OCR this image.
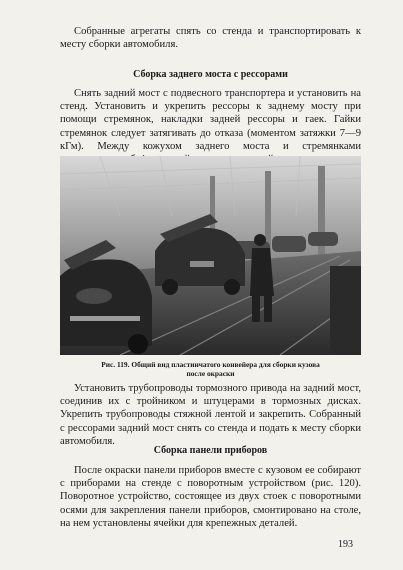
Собранные агрегаты спять со стенда и транспортировать к месту сборки автомобиля.

Сборка заднего моста с рессорами

Снять задний мост с подвесного транспортера и установить на стенд. Установить и укрепить рессоры к заднему мосту при помощи стремянок, накладки задней рессоры и гаек. Гайки стремянок следует затягивать до отказа (моментом затяжки 7—9 кГм). Между кожухом заднего моста и стремянками

Рис. 119. Общий вид пластинчатого конвейера для сборки кузова

после окраски

Установить трубопроводы тормозного привода на задний мост, соединив их с тройником и штуцерами в тормозных дисках. Укрепить трубопроводы стяжной лентой и закрепить. Собранный с рессорами задний мост снять со стенда и подать к месту сборки автомобиля.

Сборка панели приборов

После окраски панели приборов вместе с кузовом ее собирают с приборами на стенде с поворотным устройством (рис. 120). Поворотное устройство, состоящее из двух стоек с поворотными осями для закрепления панели приборов, смонтировано на столе, на нем установлены ячейки для крепежных деталей.

193
